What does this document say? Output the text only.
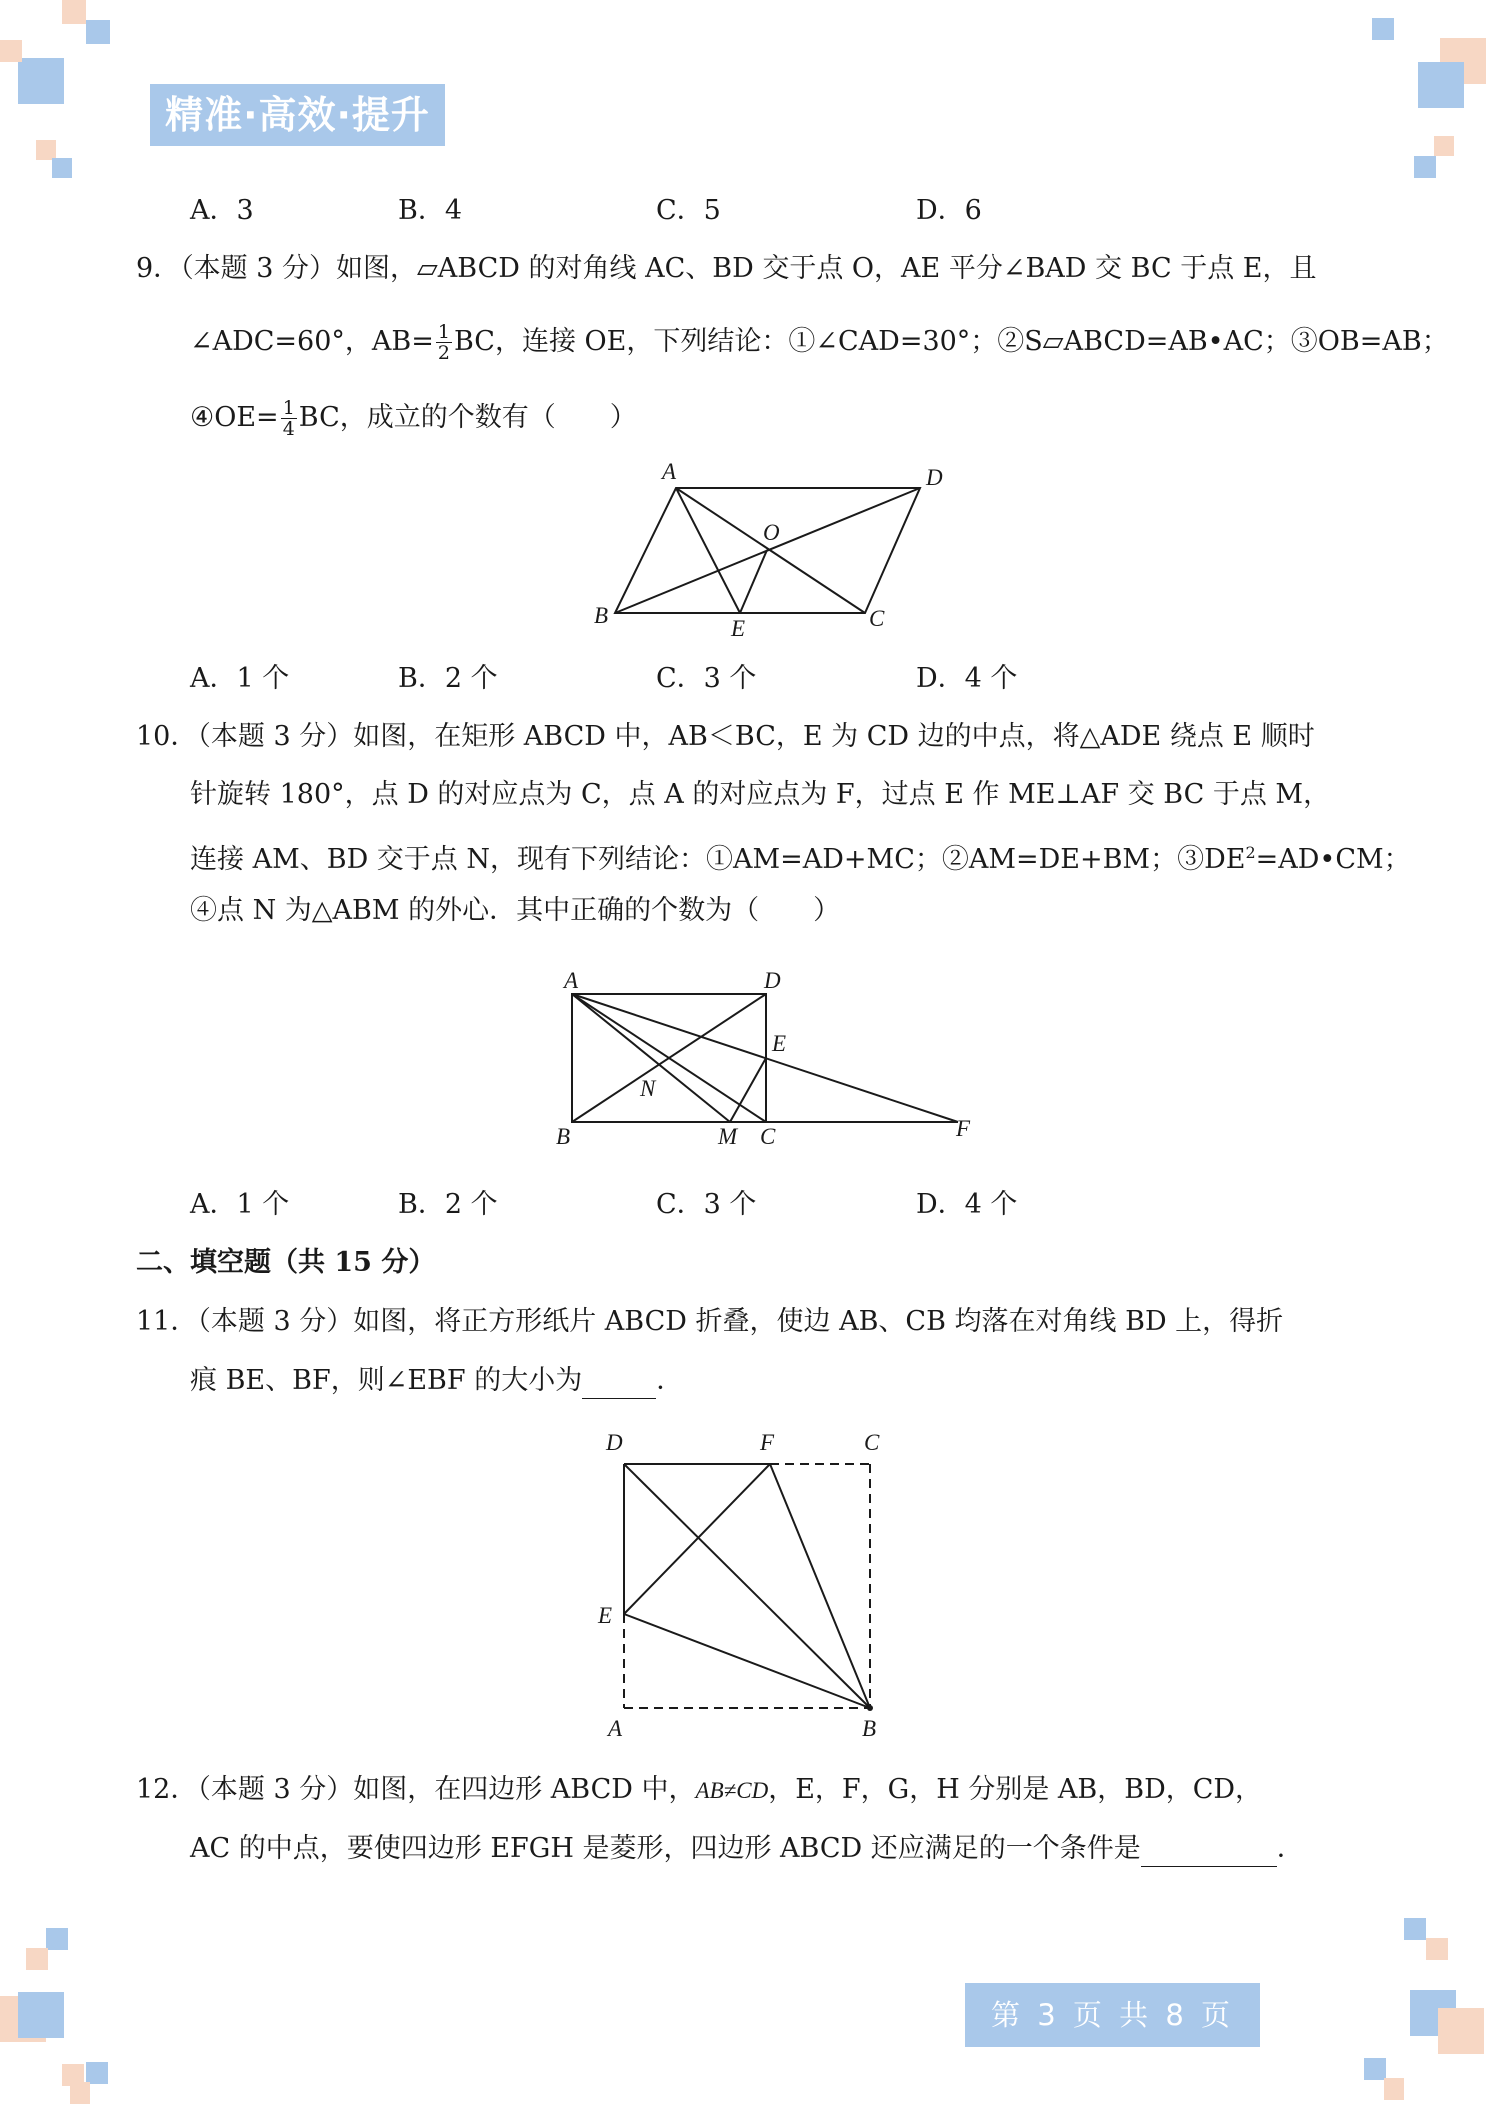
精准·高效·提升
A．3	B．4	C．5	D．6
9．（本题 3 分）如图，▱ABCD 的对角线 AC、BD 交于点 O，AE 平分∠BAD 交 BC 于点 E，且
∠ADC=60°，$AB= \frac{1}{2}$ BC，连接 OE，下列结论：①∠CAD=30°；②S▱ABCD=AB•AC；③OB=AB；
④OE= $\frac{1}{4}$ BC，成立的个数有（　　）
A	D
O
B
E	C
A．1 个	B．2 个	C．3 个	D．4 个
10．（本题 3 分）如图，在矩形 ABCD 中，AB＜BC，E 为 CD 边的中点，将△ADE 绕点 E 顺时
针旋转 180°，点 D 的对应点为 C，点 A 的对应点为 F，过点 E 作 ME⊥AF 交 BC 于点 M，
连接 AM、BD 交于点 N，现有下列结论：①AM=AD+MC；②AM=DE+BM；$③DE^2=AD•CM$；
④点 N 为△ABM 的外心．其中正确的个数为（　　）
A	D
E
N
F
B	M C
A．1 个	B．2 个	C．3 个	D．4 个
二、填空题（共 15 分）
11．（本题 3 分）如图，将正方形纸片 ABCD 折叠，使边 AB、CB 均落在对角线 BD 上，得折
痕 BE、BF，则∠EBF 的大小为	．
D	F	C
E
A	B
12．（本题 3 分）如图，在四边形 ABCD 中，AB≠CD，E，F，G，H 分别是 AB，BD，CD，
AC 的中点，要使四边形 EFGH 是菱形，四边形 ABCD 还应满足的一个条件是	．
第 3 页 共 8 页
